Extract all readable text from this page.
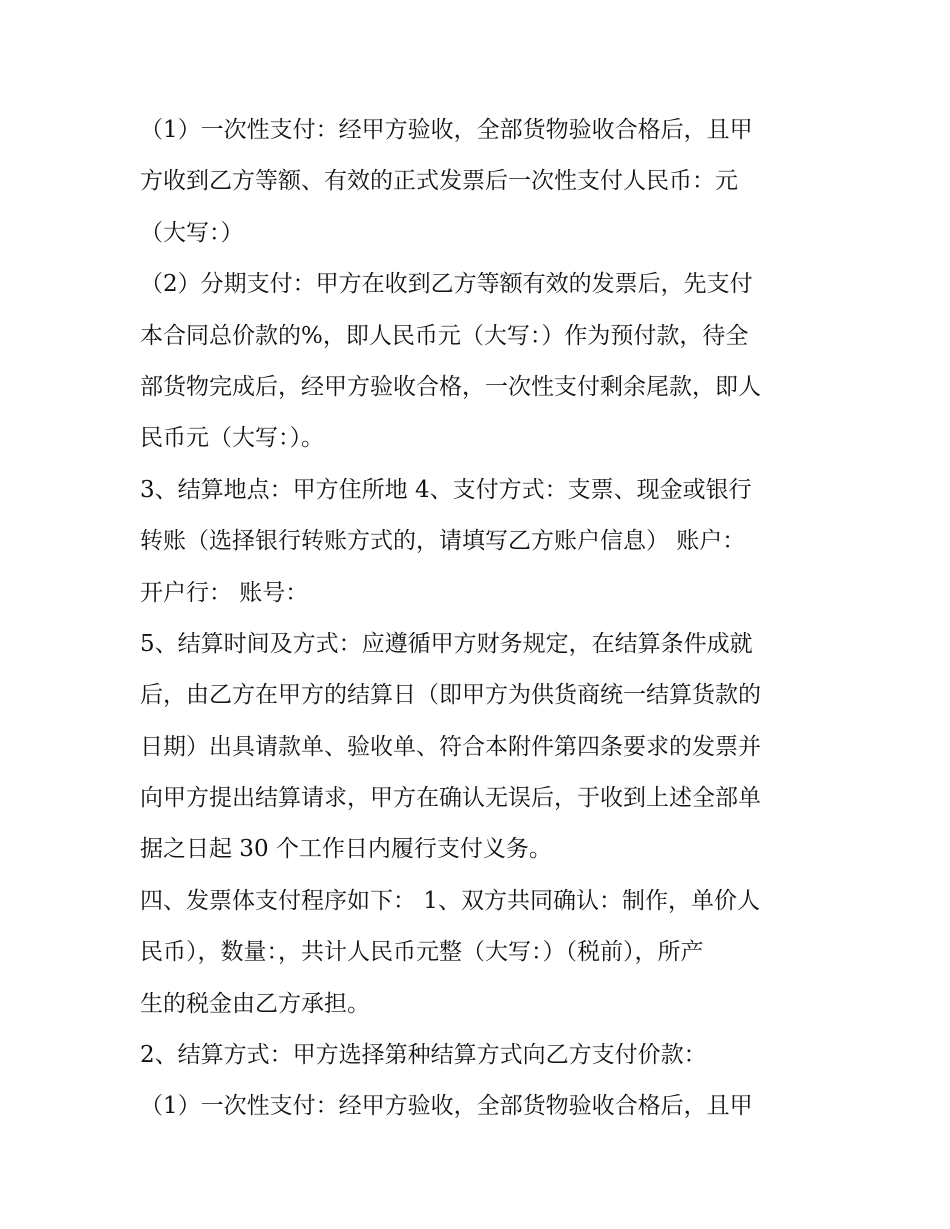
（1）一次性支付：经甲方验收，全部货物验收合格后，且甲
方收到乙方等额、有效的正式发票后一次性支付人民币：元
（大写：）
（2）分期支付：甲方在收到乙方等额有效的发票后，先支付
本合同总价款的%，即人民币元（大写：）作为预付款，待全
部货物完成后，经甲方验收合格，一次性支付剩余尾款，即人
民币元（大写：）。
3、结算地点：甲方住所地 4、支付方式：支票、现金或银行
转账（选择银行转账方式的，请填写乙方账户信息） 账户：
开户行： 账号：
5、结算时间及方式：应遵循甲方财务规定，在结算条件成就
后，由乙方在甲方的结算日（即甲方为供货商统一结算货款的
日期）出具请款单、验收单、符合本附件第四条要求的发票并
向甲方提出结算请求，甲方在确认无误后，于收到上述全部单
据之日起 30 个工作日内履行支付义务。
四、发票体支付程序如下： 1、双方共同确认：制作，单价人
民币），数量：，共计人民币元整（大写：）（税前），所产
生的税金由乙方承担。
2、结算方式：甲方选择第种结算方式向乙方支付价款：
（1）一次性支付：经甲方验收，全部货物验收合格后，且甲
